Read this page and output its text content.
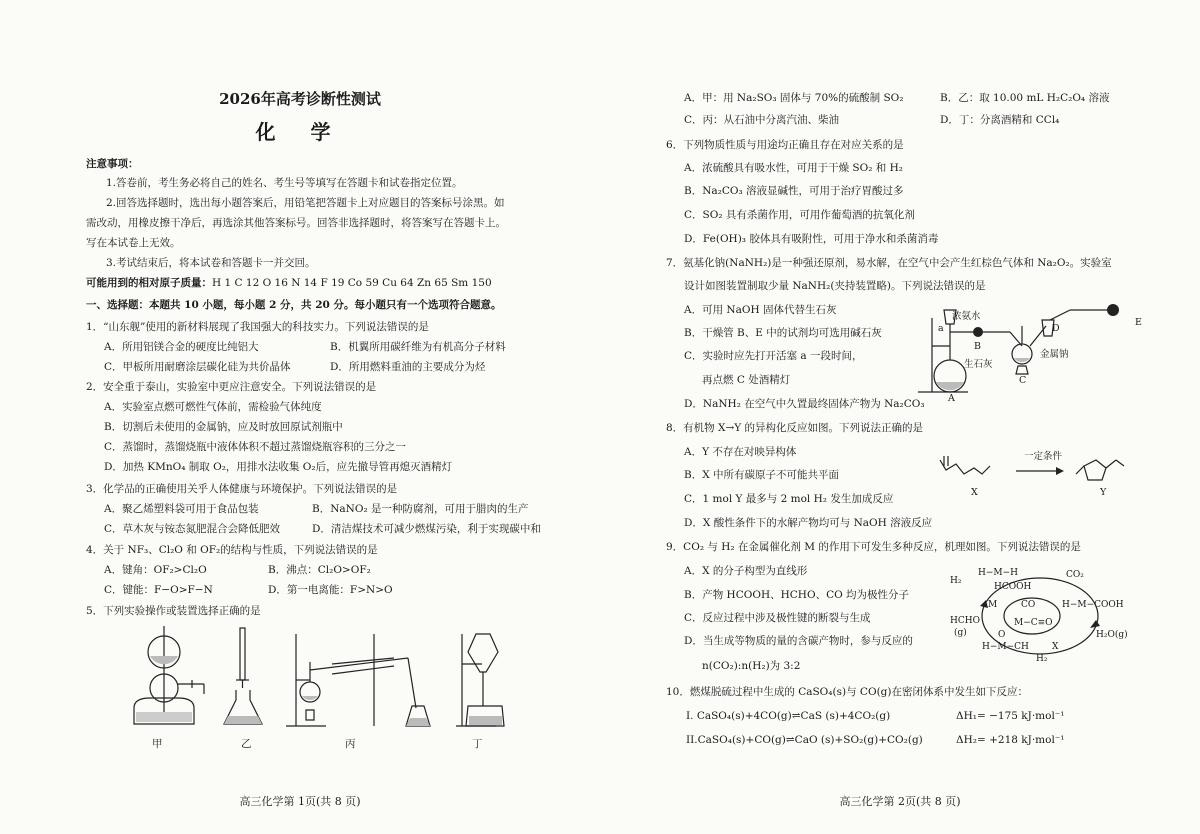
2026年高考诊断性测试
化 学
注意事项：
1.答卷前，考生务必将自己的姓名、考生号等填写在答题卡和试卷指定位置。
2.回答选择题时，选出每小题答案后，用铅笔把答题卡上对应题目的答案标号涂黑。如
需改动，用橡皮擦干净后，再选涂其他答案标号。回答非选择题时，将答案写在答题卡上。
写在本试卷上无效。
3.考试结束后，将本试卷和答题卡一并交回。
可能用到的相对原子质量：H 1 C 12 O 16 N 14 F 19 Co 59 Cu 64 Zn 65 Sm 150
一、选择题：本题共 10 小题，每小题 2 分，共 20 分。每小题只有一个选项符合题意。
1．“山东舰”使用的新材料展现了我国强大的科技实力。下列说法错误的是
A．所用铝镁合金的硬度比纯铝大	B．机翼所用碳纤维为有机高分子材料
C．甲板所用耐磨涂层碳化硅为共价晶体	D．所用燃料重油的主要成分为烃
2．安全重于泰山，实验室中更应注意安全。下列说法错误的是
A．实验室点燃可燃性气体前，需检验气体纯度
B．切割后未使用的金属钠，应及时放回原试剂瓶中
C．蒸馏时，蒸馏烧瓶中液体体积不超过蒸馏烧瓶容积的三分之一
D．加热 KMnO₄ 制取 O₂，用排水法收集 O₂后，应先撤导管再熄灭酒精灯
3．化学品的正确使用关乎人体健康与环境保护。下列说法错误的是
A．聚乙烯塑料袋可用于食品包装	B．NaNO₂ 是一种防腐剂，可用于腊肉的生产
C．草木灰与铵态氮肥混合会降低肥效	D．清洁煤技术可减少燃煤污染，利于实现碳中和
4．关于 NF₃、Cl₂O 和 OF₂的结构与性质，下列说法错误的是
A．键角：OF₂>Cl₂O	B．沸点：Cl₂O>OF₂
C．键能：F−O>F−N	D．第一电离能：F>N>O
5．下列实验操作或装置选择正确的是
甲	乙	丙	丁
高三化学第 1页(共 8 页)
A．甲：用 Na₂SO₃ 固体与 70%的硫酸制 SO₂	B．乙：取 10.00 mL H₂C₂O₄ 溶液
C．丙：从石油中分离汽油、柴油	D．丁：分离酒精和 CCl₄
6．下列物质性质与用途均正确且存在对应关系的是
A．浓硫酸具有吸水性，可用于干燥 SO₂ 和 H₂
B．Na₂CO₃ 溶液显碱性，可用于治疗胃酸过多
C．SO₂ 具有杀菌作用，可用作葡萄酒的抗氧化剂
D．Fe(OH)₃ 胶体具有吸附性，可用于净水和杀菌消毒
7．氨基化钠(NaNH₂)是一种强还原剂，易水解，在空气中会产生红棕色气体和 Na₂O₂。实验室
设计如图装置制取少量 NaNH₂(夹持装置略)。下列说法错误的是
A．可用 NaOH 固体代替生石灰
B．干燥管 B、E 中的试剂均可选用碱石灰
C．实验时应先打开活塞 a 一段时间，
再点燃 C 处酒精灯
D．NaNH₂ 在空气中久置最终固体产物为 Na₂CO₃
浓氨水
a
B
生石灰
A
金属钠
C
D
E
8．有机物 X→Y 的异构化反应如图。下列说法正确的是
A．Y 不存在对映异构体
B．X 中所有碳原子不可能共平面
C．1 mol Y 最多与 2 mol H₂ 发生加成反应
D．X 酸性条件下的水解产物均可与 NaOH 溶液反应
一定条件
X	Y
9．CO₂ 与 H₂ 在金属催化剂 M 的作用下可发生多种反应，机理如图。下列说法错误的是
A．X 的分子构型为直线形
B．产物 HCOOH、HCHO、CO 均为极性分子
C．反应过程中涉及极性键的断裂与生成
D．当生成等物质的量的含碳产物时，参与反应的
n(CO₂):n(H₂)为 3:2
H₂
H−M−H
HCOOH
CO₂
M	CO	H−M−COOH
HCHO
(g)
M−C≡O
O
H−M−CH
H₂O(g)
X
H₂
10．燃煤脱硫过程中生成的 CaSO₄(s)与 CO(g)在密闭体系中发生如下反应：
I. CaSO₄(s)+4CO(g)⇌CaS (s)+4CO₂(g)	ΔH₁= −175 kJ·mol⁻¹
II.CaSO₄(s)+CO(g)⇌CaO (s)+SO₂(g)+CO₂(g)	ΔH₂= +218 kJ·mol⁻¹
高三化学第 2页(共 8 页)
